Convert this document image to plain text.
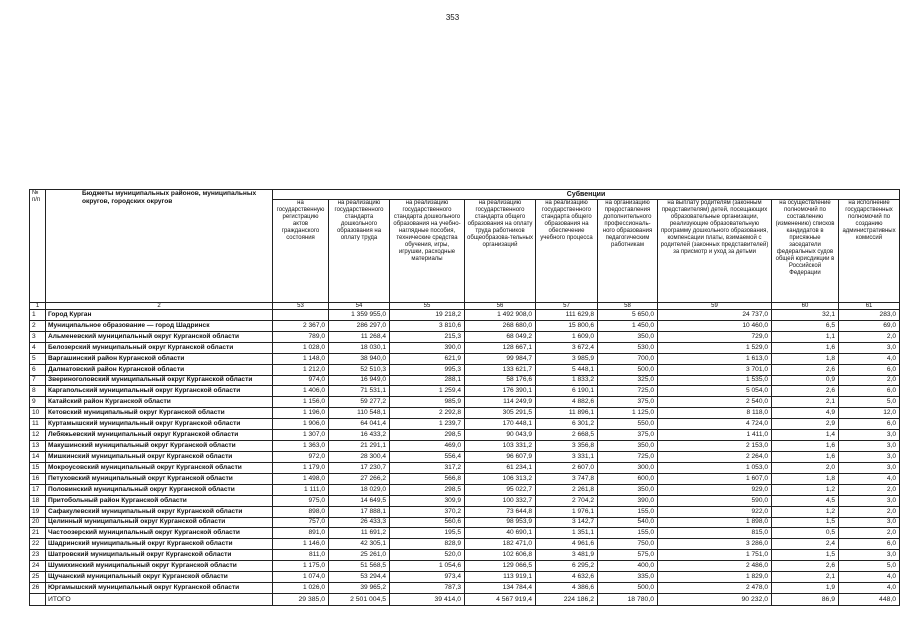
353
№ п/п	Бюджеты муниципальных районов, муниципальных округов, городских округов	Субвенции								
		на государственную регистрацию актов гражданского состояния	на реализацию государственного стандарта дошкольного образования на оплату труда	на реализацию государственного стандарта дошкольного образования на учебно-наглядные пособия, технические средства обучения, игры, игрушки, расходные материалы	на реализацию государственного стандарта общего образования на оплату труда работников общеобразова-тельных организаций	на реализацию государственного стандарта общего образования на обеспечение учебного процесса	на организацию предоставления дополнительного профессиональ-ного образования педагогическим работникам	на выплату родителям (законным представителям) детей, посещающих образовательные организации, реализующие образовательную программу дошкольного образования, компенсации платы, взимаемой с родителей (законных представителей) за присмотр и уход за детьми	на осуществление полномочий по составлению (изменению) списков кандидатов в присяжные заседатели федеральных судов общей юрисдикции в Российской Федерации	на исполнение государственных полномочий по созданию административных комиссий
1	2	53	54	55	56	57	58	59	60	61
1	Город Курган		1 359 955,0	19 218,2	1 492 908,0	111 629,8	5 650,0	24 737,0	32,1	283,0
2	Муниципальное образование — город Шадринск	2 367,0	286 297,0	3 810,6	268 680,0	15 800,6	1 450,0	10 460,0	6,5	69,0
3	Альменевский муниципальный округ Курганской области	789,0	11 268,4	215,3	68 049,2	1 609,0	350,0	729,0	1,1	2,0
4	Белозерский муниципальный округ Курганской области	1 028,0	18 030,1	390,0	128 667,1	3 672,4	530,0	1 529,0	1,6	3,0
5	Варгашинский район Курганской области	1 148,0	38 940,0	621,9	99 984,7	3 985,9	700,0	1 613,0	1,8	4,0
6	Далматовский район Курганской области	1 212,0	52 510,3	995,3	133 621,7	5 448,1	500,0	3 701,0	2,6	6,0
7	Звериноголовский муниципальный округ Курганской области	974,0	16 949,0	288,1	58 176,6	1 833,2	325,0	1 535,0	0,9	2,0
8	Каргапольский муниципальный округ Курганской области	1 406,0	71 531,1	1 259,4	176 390,1	6 190,1	725,0	5 054,0	2,6	6,0
9	Катайский район Курганской области	1 156,0	59 277,2	985,9	114 249,9	4 882,6	375,0	2 540,0	2,1	5,0
10	Кетовский муниципальный округ Курганской области	1 196,0	110 548,1	2 292,8	305 291,5	11 896,1	1 125,0	8 118,0	4,9	12,0
11	Куртамышский муниципальный округ Курганской области	1 906,0	64 041,4	1 239,7	170 448,1	6 301,2	550,0	4 724,0	2,9	6,0
12	Лебяжьевский муниципальный округ Курганской области	1 307,0	16 433,2	298,5	90 043,9	2 668,5	375,0	1 411,0	1,4	3,0
13	Макушинский муниципальный округ Курганской области	1 363,0	21 291,1	469,0	103 331,2	3 356,8	350,0	2 153,0	1,6	3,0
14	Мишкинский муниципальный округ Курганской области	972,0	28 300,4	556,4	96 607,9	3 331,1	725,0	2 264,0	1,6	3,0
15	Мокроусовский муниципальный округ Курганской области	1 179,0	17 230,7	317,2	61 234,1	2 607,0	300,0	1 053,0	2,0	3,0
16	Петуховский муниципальный округ Курганской области	1 498,0	27 266,2	566,8	106 313,2	3 747,8	600,0	1 607,0	1,8	4,0
17	Половинский муниципальный округ Курганской области	1 111,0	18 029,0	298,5	95 022,7	2 261,8	350,0	929,0	1,2	2,0
18	Притобольный район Курганской области	975,0	14 649,5	309,9	100 332,7	2 704,2	390,0	590,0	4,5	3,0
19	Сафакулевский муниципальный округ Курганской области	898,0	17 888,1	370,2	73 644,8	1 976,1	155,0	922,0	1,2	2,0
20	Целинный муниципальный округ Курганской области	757,0	26 433,3	560,6	98 953,9	3 142,7	540,0	1 898,0	1,5	3,0
21	Частоозерский муниципальный округ Курганской области	891,0	11 691,2	195,5	40 690,1	1 351,1	155,0	815,0	0,5	2,0
22	Шадринский муниципальный округ Курганской области	1 146,0	42 305,1	828,9	182 471,0	4 961,6	750,0	3 286,0	2,4	6,0
23	Шатровский муниципальный округ Курганской области	811,0	25 261,0	520,0	102 606,8	3 481,9	575,0	1 751,0	1,5	3,0
24	Шумихинский муниципальный округ Курганской области	1 175,0	51 568,5	1 054,6	129 066,5	6 295,2	400,0	2 486,0	2,6	5,0
25	Щучанский муниципальный округ Курганской области	1 074,0	53 294,4	973,4	113 919,1	4 632,6	335,0	1 829,0	2,1	4,0
26	Юргамышский муниципальный округ Курганской области	1 026,0	39 965,2	787,3	134 784,4	4 386,6	500,0	2 478,0	1,9	4,0
	ИТОГО	29 385,0	2 501 004,5	39 414,0	4 567 919,4	224 186,2	18 780,0	90 232,0	86,9	448,0
